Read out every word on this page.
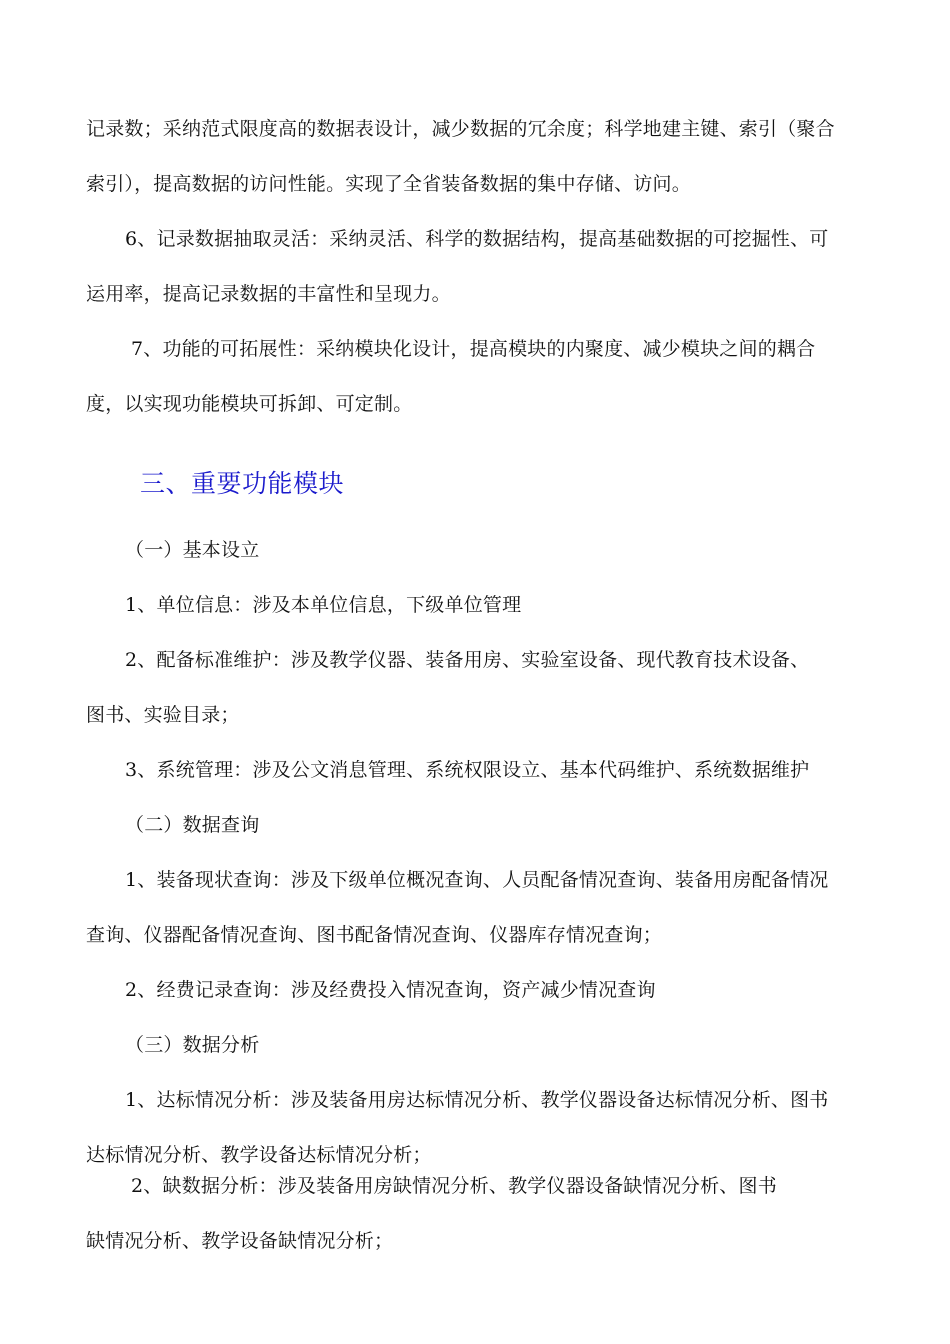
记录数；采纳范式限度高的数据表设计，减少数据的冗余度；科学地建主键、索引（聚合
索引），提高数据的访问性能。实现了全省装备数据的集中存储、访问。
6、记录数据抽取灵活：采纳灵活、科学的数据结构，提高基础数据的可挖掘性、可
运用率，提高记录数据的丰富性和呈现力。
7、功能的可拓展性：采纳模块化设计，提高模块的内聚度、减少模块之间的耦合
度，以实现功能模块可拆卸、可定制。
三、重要功能模块
（一）基本设立
1、单位信息：涉及本单位信息，下级单位管理
2、配备标准维护：涉及教学仪器、装备用房、实验室设备、现代教育技术设备、
图书、实验目录；
3、系统管理：涉及公文消息管理、系统权限设立、基本代码维护、系统数据维护
（二）数据查询
1、装备现状查询：涉及下级单位概况查询、人员配备情况查询、装备用房配备情况
查询、仪器配备情况查询、图书配备情况查询、仪器库存情况查询；
2、经费记录查询：涉及经费投入情况查询，资产减少情况查询
（三）数据分析
1、达标情况分析：涉及装备用房达标情况分析、教学仪器设备达标情况分析、图书
达标情况分析、教学设备达标情况分析；
2、缺数据分析：涉及装备用房缺情况分析、教学仪器设备缺情况分析、图书
缺情况分析、教学设备缺情况分析；
